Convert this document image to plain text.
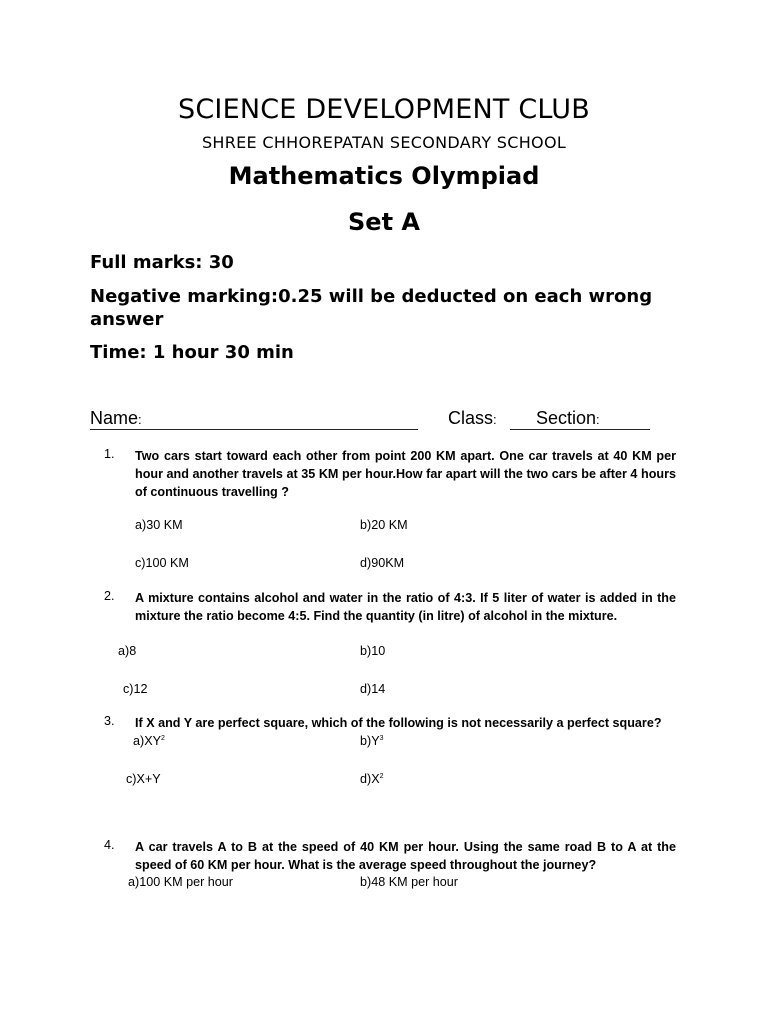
SCIENCE DEVELOPMENT CLUB
SHREE CHHOREPATAN SECONDARY SCHOOL
Mathematics Olympiad
Set A
Full marks: 30
Negative marking:0.25 will be deducted on each wrong answer
Time: 1 hour 30 min
Name:	Class: Section:
1. Two cars start toward each other from point 200 KM apart. One car travels at 40 KM per hour and another travels at 35 KM per hour.How far apart will the two cars be after 4 hours of continuous travelling ?
a)30 KM	b)20 KM
c)100 KM	d)90KM
2. A mixture contains alcohol and water in the ratio of 4:3. If 5 liter of water is added in the mixture the ratio become 4:5. Find the quantity (in litre) of alcohol in the mixture.
a)8	b)10
c)12	d)14
3. If X and Y are perfect square, which of the following is not necessarily a perfect square?
$a)XY^2$	$b)Y^3$
c)X+Y	$d)X^2$
4. A car travels A to B at the speed of 40 KM per hour. Using the same road B to A at the speed of 60 KM per hour. What is the average speed throughout the journey?
a)100 KM per hour	b)48 KM per hour
